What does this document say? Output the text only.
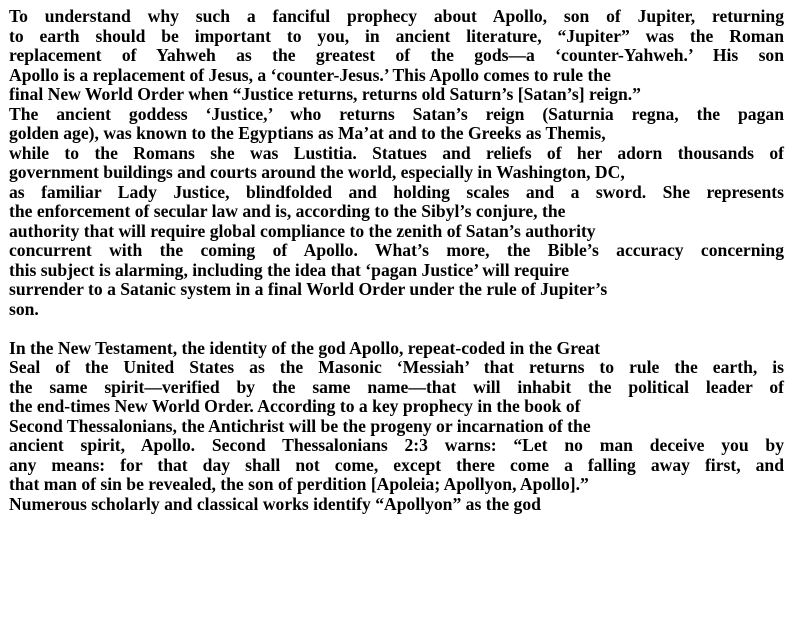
To understand why such a fanciful prophecy about Apollo, son of Jupiter, returning
to earth should be important to you, in ancient literature, “Jupiter” was the Roman
replacement of Yahweh as the greatest of the gods—a ‘counter-Yahweh.’ His son
Apollo is a replacement of Jesus, a ‘counter-Jesus.’ This Apollo comes to rule the
final New World Order when “Justice returns, returns old Saturn’s [Satan’s] reign.”
The ancient goddess ‘Justice,’ who returns Satan’s reign (Saturnia regna, the pagan
golden age), was known to the Egyptians as Ma’at and to the Greeks as Themis,
while to the Romans she was Lustitia. Statues and reliefs of her adorn thousands of
government buildings and courts around the world, especially in Washington, DC,
as familiar Lady Justice, blindfolded and holding scales and a sword. She represents
the enforcement of secular law and is, according to the Sibyl’s conjure, the
authority that will require global compliance to the zenith of Satan’s authority
concurrent with the coming of Apollo. What’s more, the Bible’s accuracy concerning
this subject is alarming, including the idea that ‘pagan Justice’ will require
surrender to a Satanic system in a final World Order under the rule of Jupiter’s
son.
In the New Testament, the identity of the god Apollo, repeat-coded in the Great
Seal of the United States as the Masonic ‘Messiah’ that returns to rule the earth, is
the same spirit—verified by the same name—that will inhabit the political leader of
the end-times New World Order. According to a key prophecy in the book of
Second Thessalonians, the Antichrist will be the progeny or incarnation of the
ancient spirit, Apollo. Second Thessalonians 2:3 warns: “Let no man deceive you by
any means: for that day shall not come, except there come a falling away first, and
that man of sin be revealed, the son of perdition [Apoleia; Apollyon, Apollo].”
Numerous scholarly and classical works identify “Apollyon” as the god
